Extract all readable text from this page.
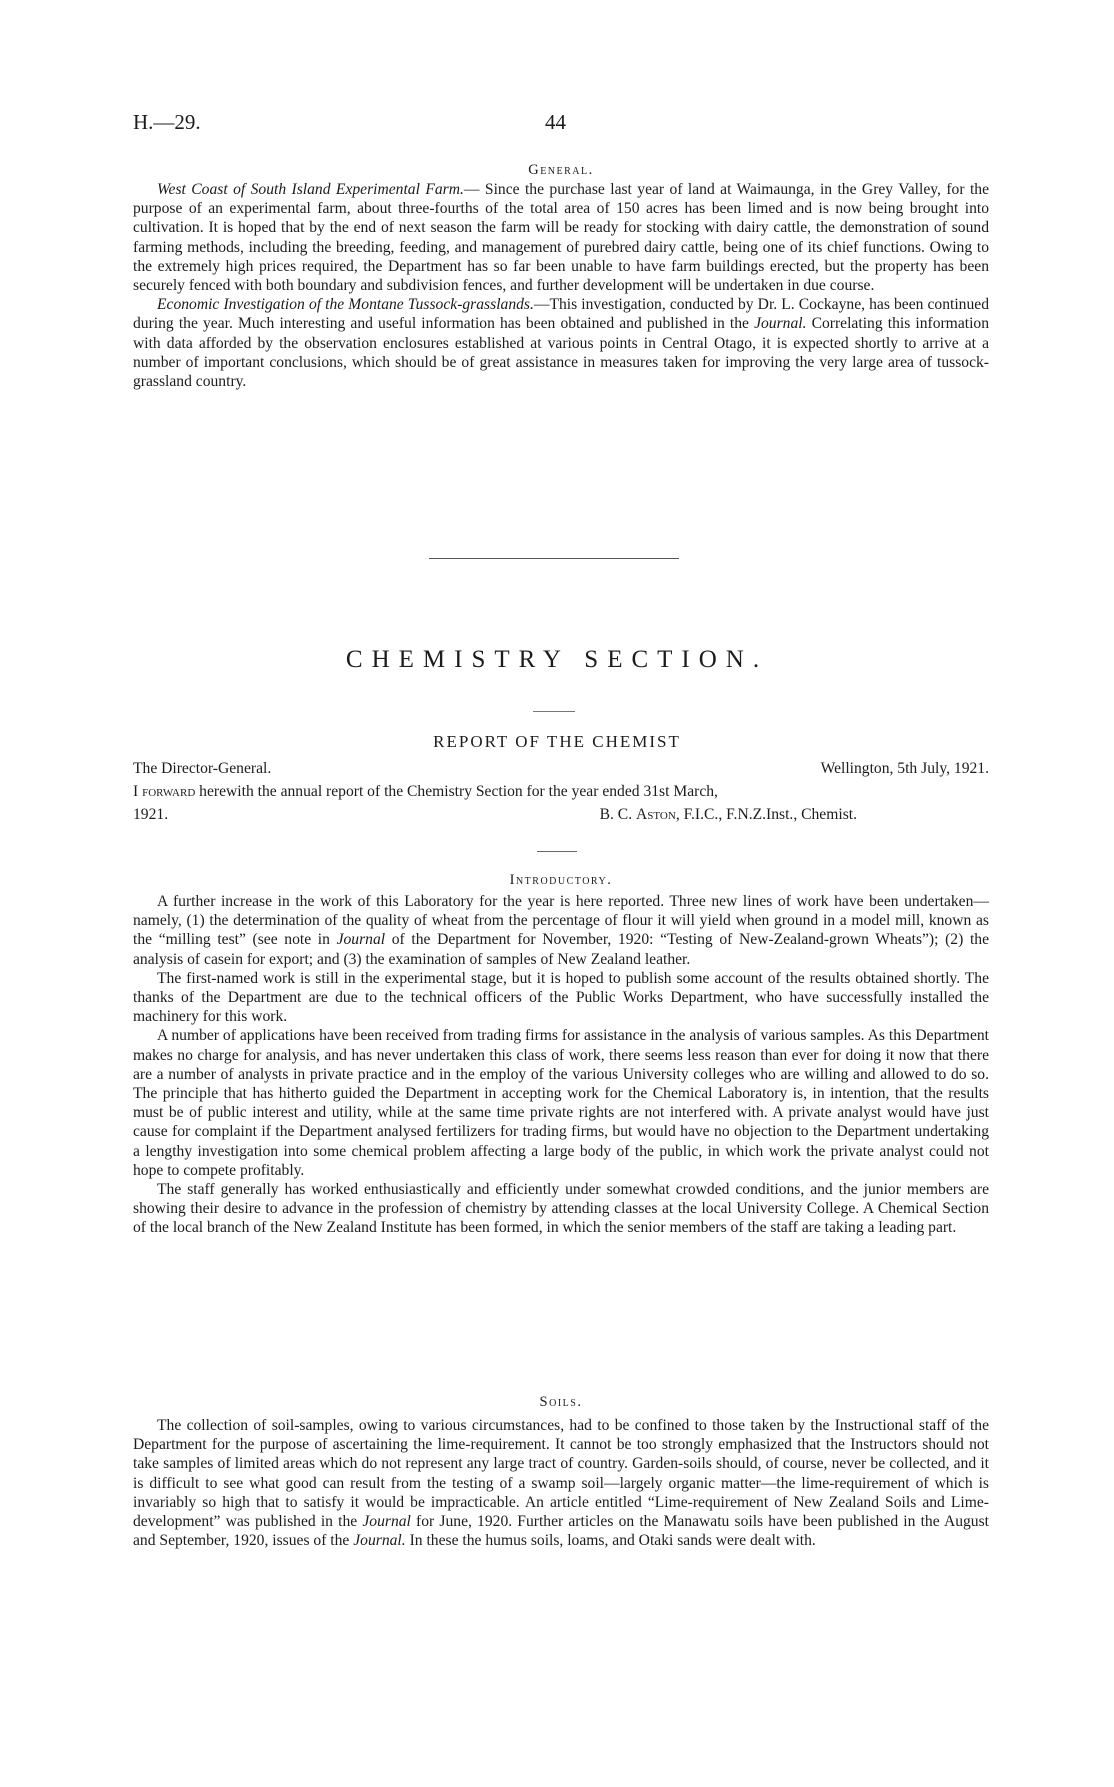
H.—29.	44
General.

West Coast of South Island Experimental Farm.— Since the purchase last year of land at Waimaunga, in the Grey Valley, for the purpose of an experimental farm, about three-fourths of the total area of 150 acres has been limed and is now being brought into cultivation. It is hoped that by the end of next season the farm will be ready for stocking with dairy cattle, the demonstration of sound farming methods, including the breeding, feeding, and management of purebred dairy cattle, being one of its chief functions. Owing to the extremely high prices required, the Department has so far been unable to have farm buildings erected, but the property has been securely fenced with both boundary and subdivision fences, and further development will be undertaken in due course.

Economic Investigation of the Montane Tussock-grasslands.—This investigation, conducted by Dr. L. Cockayne, has been continued during the year. Much interesting and useful information has been obtained and published in the Journal. Correlating this information with data afforded by the observation enclosures established at various points in Central Otago, it is expected shortly to arrive at a number of important conclusions, which should be of great assistance in measures taken for improving the very large area of tussock-grassland country.

CHEMISTRY SECTION.
REPORT OF THE CHEMIST
The Director-General.	Wellington, 5th July, 1921.
I forward herewith the annual report of the Chemistry Section for the year ended 31st March,
1921.	B. C. Aston, F.I.C., F.N.Z.Inst., Chemist.
Introductory.

A further increase in the work of this Laboratory for the year is here reported. Three new lines of work have been undertaken—namely, (1) the determination of the quality of wheat from the percentage of flour it will yield when ground in a model mill, known as the “milling test” (see note in Journal of the Department for November, 1920: “Testing of New-Zealand-grown Wheats”); (2) the analysis of casein for export; and (3) the examination of samples of New Zealand leather.

The first-named work is still in the experimental stage, but it is hoped to publish some account of the results obtained shortly. The thanks of the Department are due to the technical officers of the Public Works Department, who have successfully installed the machinery for this work.

A number of applications have been received from trading firms for assistance in the analysis of various samples. As this Department makes no charge for analysis, and has never undertaken this class of work, there seems less reason than ever for doing it now that there are a number of analysts in private practice and in the employ of the various University colleges who are willing and allowed to do so. The principle that has hitherto guided the Department in accepting work for the Chemical Laboratory is, in intention, that the results must be of public interest and utility, while at the same time private rights are not interfered with. A private analyst would have just cause for complaint if the Department analysed fertilizers for trading firms, but would have no objection to the Department undertaking a lengthy investigation into some chemical problem affecting a large body of the public, in which work the private analyst could not hope to compete profitably.

The staff generally has worked enthusiastically and efficiently under somewhat crowded conditions, and the junior members are showing their desire to advance in the profession of chemistry by attending classes at the local University College. A Chemical Section of the local branch of the New Zealand Institute has been formed, in which the senior members of the staff are taking a leading part.

Soils.

The collection of soil-samples, owing to various circumstances, had to be confined to those taken by the Instructional staff of the Department for the purpose of ascertaining the lime-requirement. It cannot be too strongly emphasized that the Instructors should not take samples of limited areas which do not represent any large tract of country. Garden-soils should, of course, never be collected, and it is difficult to see what good can result from the testing of a swamp soil—largely organic matter—the lime-requirement of which is invariably so high that to satisfy it would be impracticable. An article entitled “Lime-requirement of New Zealand Soils and Lime-development” was published in the Journal for June, 1920. Further articles on the Manawatu soils have been published in the August and September, 1920, issues of the Journal. In these the humus soils, loams, and Otaki sands were dealt with.
